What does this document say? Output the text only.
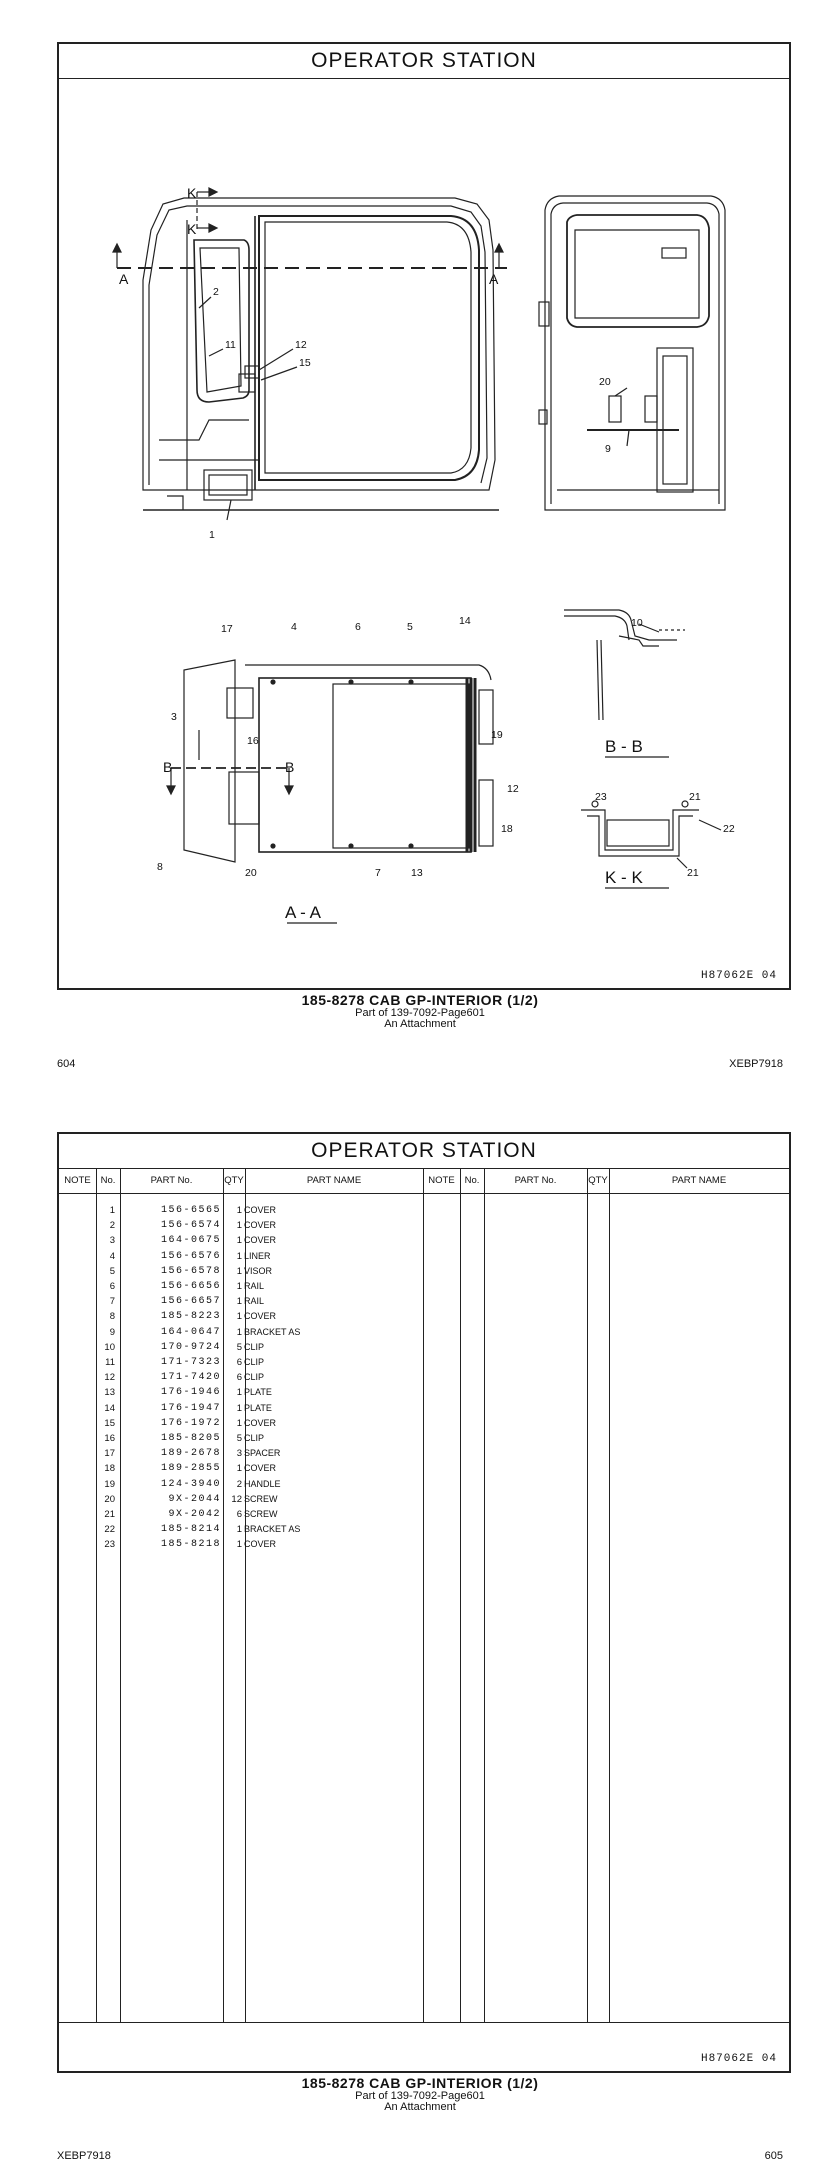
OPERATOR STATION
1
2
11	12
15
20
9
17	4	6	5	14
3
16	19
12
18
8	20	7	13
10
23	21
22
21
A - A
B - B
K - K
A	A
K
K
B	B
H87062E 04
185-8278 CAB GP-INTERIOR (1/2)
Part of 139-7092-Page601
An Attachment
604	XEBP7918
OPERATOR STATION
NOTE	No.	PART No.	QTY	PART NAME	NOTE	No.	PART No.	QTY	PART NAME
1	156-6565	1 COVER
2	156-6574	1 COVER
3	164-0675	1 COVER
4	156-6576	1 LINER
5	156-6578	1 VISOR
6	156-6656	1 RAIL
7	156-6657	1 RAIL
8	185-8223	1 COVER
9	164-0647	1 BRACKET AS
10	170-9724	5 CLIP
11	171-7323	6 CLIP
12	171-7420	6 CLIP
13	176-1946	1 PLATE
14	176-1947	1 PLATE
15	176-1972	1 COVER
16	185-8205	5 CLIP
17	189-2678	3 SPACER
18	189-2855	1 COVER
19	124-3940	2 HANDLE
20	9X-2044	12 SCREW
21	9X-2042	6 SCREW
22	185-8214	1 BRACKET AS
23	185-8218	1 COVER
H87062E 04
185-8278 CAB GP-INTERIOR (1/2)
Part of 139-7092-Page601
An Attachment
XEBP7918	605
